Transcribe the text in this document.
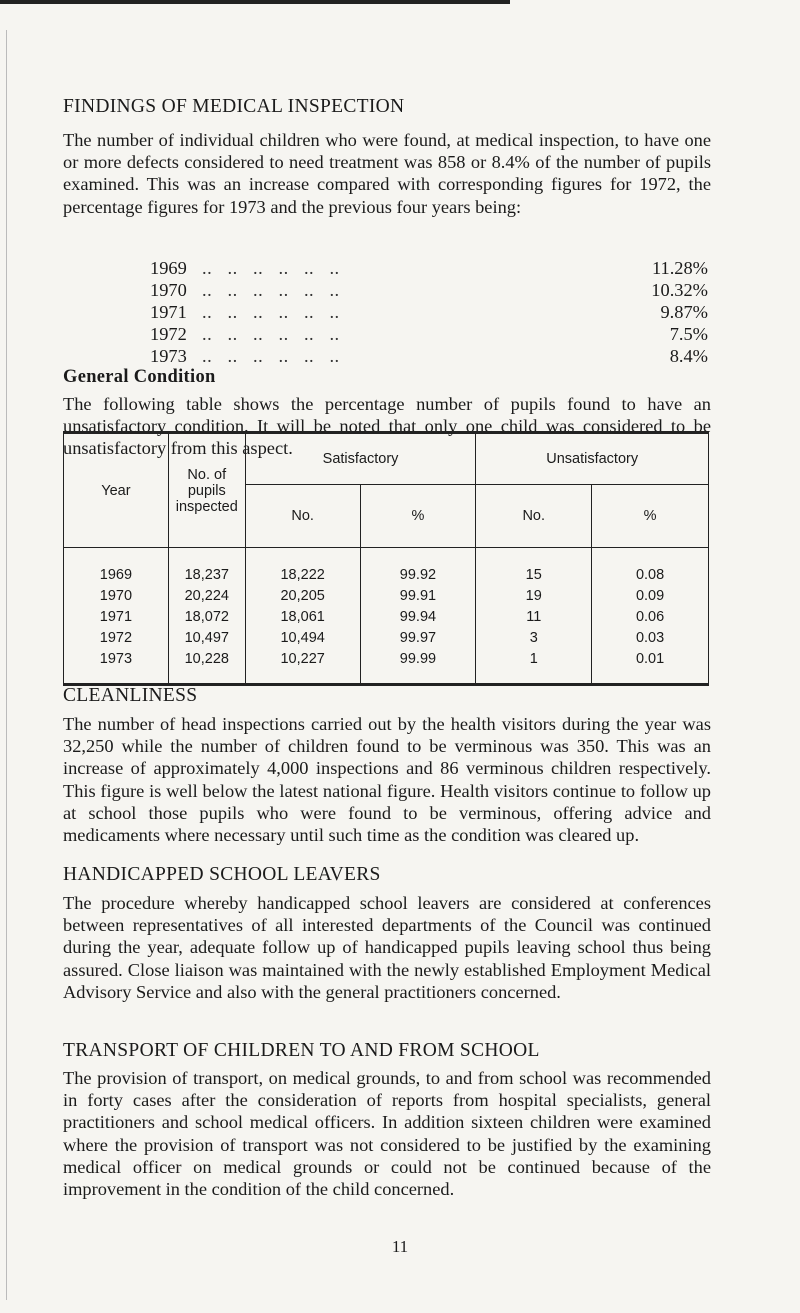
FINDINGS OF MEDICAL INSPECTION

The number of individual children who were found, at medical inspection, to have one or more defects considered to need treatment was 858 or 8.4% of the number of pupils examined. This was an increase compared with corresponding figures for 1972, the percentage figures for 1973 and the previous four years being:

1969 ..   ..   ..   ..   ..   ..	11.28%
1970 ..   ..   ..   ..   ..   ..	10.32%
1971 ..   ..   ..   ..   ..   ..	9.87%
1972 ..   ..   ..   ..   ..   ..	7.5%
1973 ..   ..   ..   ..   ..   ..	8.4%
General Condition

The following table shows the percentage number of pupils found to have an unsatisfactory condition. It will be noted that only one child was considered to be unsatisfactory from this aspect.

Year	No. of pupils inspected	Satisfactory		Unsatisfactory	
		No.	%	No.	%
1969	18,237	18,222	99.92	15	0.08
1970	20,224	20,205	99.91	19	0.09
1971	18,072	18,061	99.94	11	0.06
1972	10,497	10,494	99.97	3	0.03
1973	10,228	10,227	99.99	1	0.01
CLEANLINESS

The number of head inspections carried out by the health visitors during the year was 32,250 while the number of children found to be verminous was 350. This was an increase of approximately 4,000 inspections and 86 verminous children respectively. This figure is well below the latest national figure. Health visitors continue to follow up at school those pupils who were found to be verminous, offering advice and medicaments where necessary until such time as the condition was cleared up.

HANDICAPPED SCHOOL LEAVERS

The procedure whereby handicapped school leavers are considered at conferences between representatives of all interested departments of the Council was continued during the year, adequate follow up of handicapped pupils leaving school thus being assured. Close liaison was maintained with the newly established Employment Medical Advisory Service and also with the general practitioners concerned.

TRANSPORT OF CHILDREN TO AND FROM SCHOOL

The provision of transport, on medical grounds, to and from school was recommended in forty cases after the consideration of reports from hospital specialists, general practitioners and school medical officers. In addition sixteen children were examined where the provision of transport was not considered to be justified by the examining medical officer on medical grounds or could not be continued because of the improvement in the condition of the child concerned.

11
